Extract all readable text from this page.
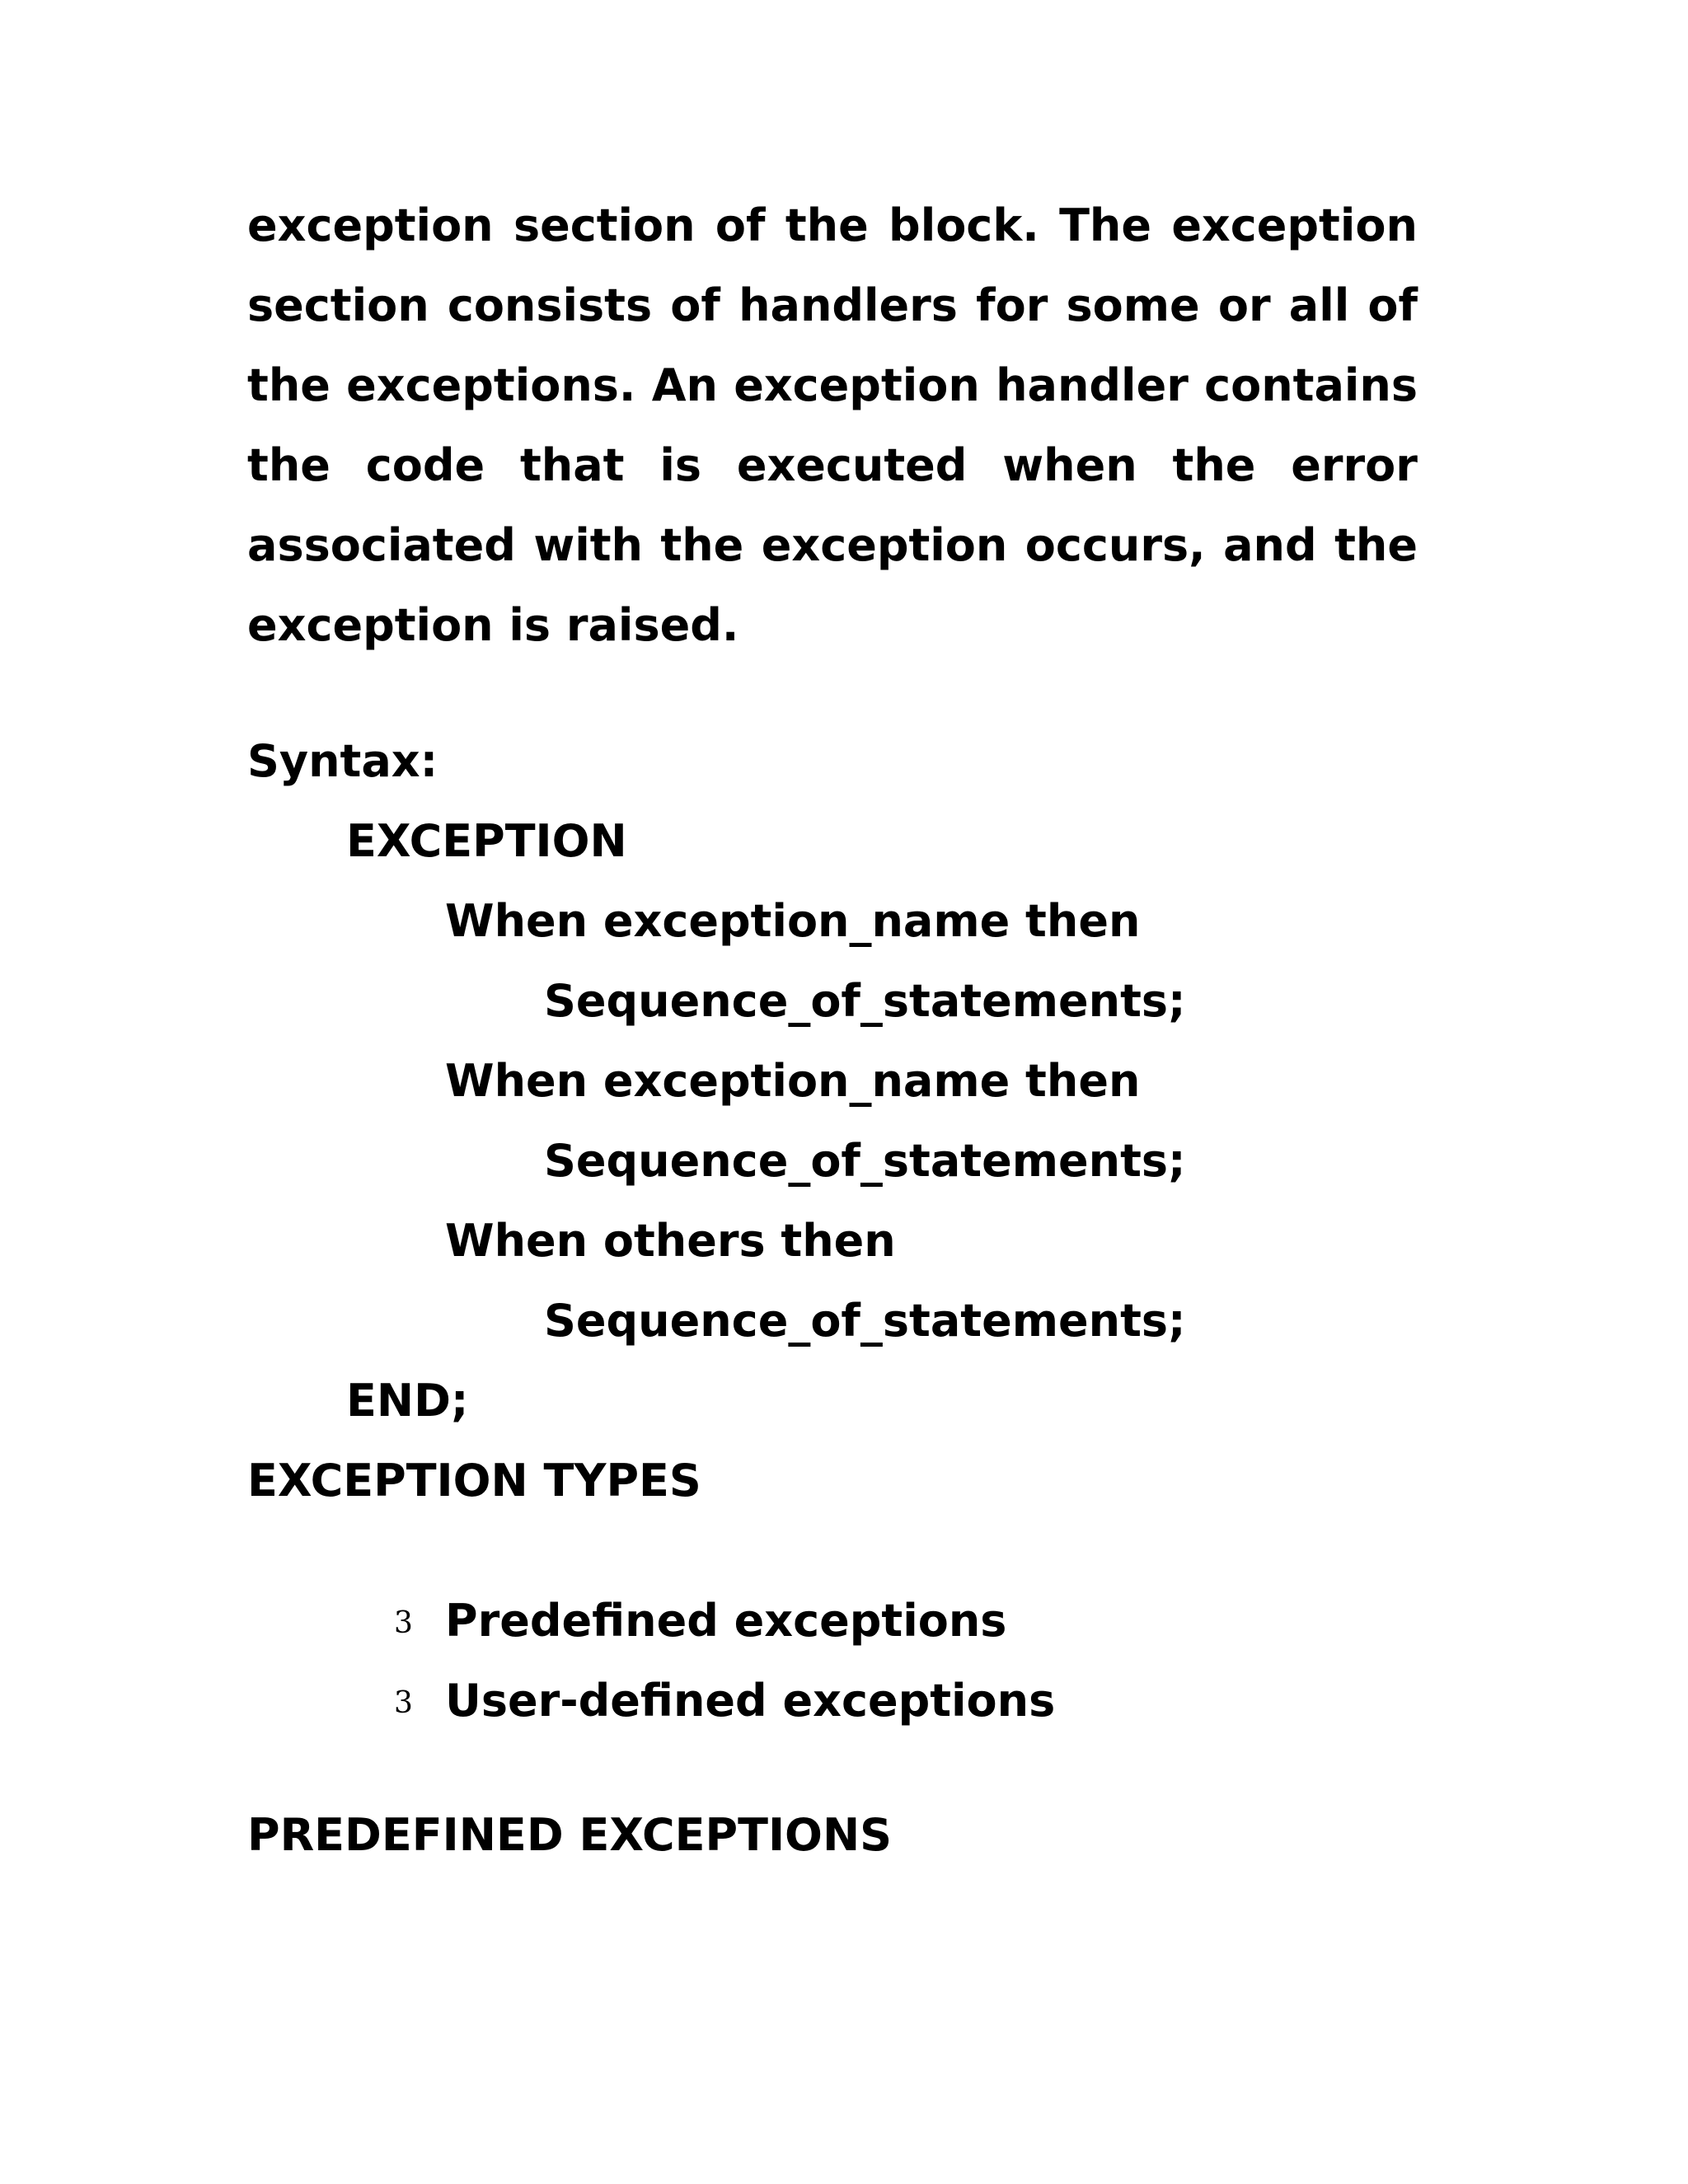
exception section of the block. The exception
section consists of handlers for some or all of
the exceptions. An exception handler contains
the code that is executed when the error
associated with the exception occurs, and the
exception is raised.
Syntax:
EXCEPTION
When exception_name then
Sequence_of_statements;
When exception_name then
Sequence_of_statements;
When others then
Sequence_of_statements;
END;
EXCEPTION TYPES
3 Predefined exceptions
3 User-defined exceptions
PREDEFINED EXCEPTIONS
